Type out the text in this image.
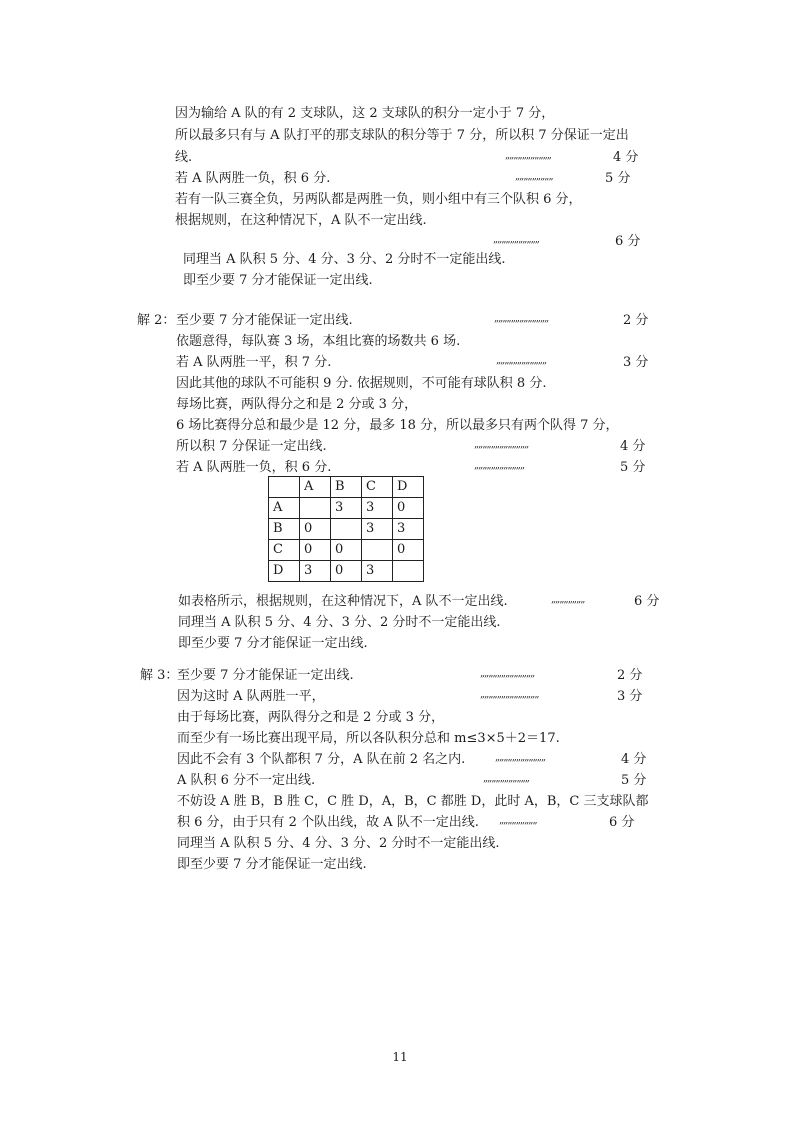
因为输给 A 队的有 2 支球队，这 2 支球队的积分一定小于 7 分，
所以最多只有与 A 队打平的那支球队的积分等于 7 分，所以积 7 分保证一定出
线.	„„„„„„„„„„„	4 分
若 A 队两胜一负，积 6 分.	„„„„„„„„„	5 分
若有一队三赛全负，另两队都是两胜一负，则小组中有三个队积 6 分，
根据规则，在这种情况下，A 队不一定出线.
„„„„„„„„„„„	6 分
同理当 A 队积 5 分、4 分、3 分、2 分时不一定能出线.
即至少要 7 分才能保证一定出线.
解 2： 至少要 7 分才能保证一定出线.	„„„„„„„„„„„„„	2 分
依题意得，每队赛 3 场，本组比赛的场数共 6 场.
若 A 队两胜一平，积 7 分.	„„„„„„„„„„„„	3 分
因此其他的球队不可能积 9 分. 依据规则，不可能有球队积 8 分.
每场比赛，两队得分之和是 2 分或 3 分，
6 场比赛得分总和最少是 12 分，最多 18 分，所以最多只有两个队得 7 分，
所以积 7 分保证一定出线.	„„„„„„„„„„„„„	4 分
若 A 队两胜一负，积 6 分.	„„„„„„„„„„„„	5 分
	A	B	C	D
A		3	3	0
B	0		3	3
C	0	0		0
D	3	0	3	
如表格所示，根据规则，在这种情况下，A 队不一定出线.	„„„„„„„„	6 分
同理当 A 队积 5 分、4 分、3 分、2 分时不一定能出线.
即至少要 7 分才能保证一定出线.
解 3：
至少要 7 分才能保证一定出线.	„„„„„„„„„„„„„	2 分
因为这时 A 队两胜一平，	„„„„„„„„„„„„„„	3 分
由于每场比赛，两队得分之和是 2 分或 3 分，
而至少有一场比赛出现平局，所以各队积分总和 m≤3×5＋2＝17.
因此不会有 3 个队都积 7 分，A 队在前 2 名之内.	„„„„„„„„„„„„	4 分
A 队积 6 分不一定出线.	„„„„„„„„„„„	5 分
不妨设 A 胜 B，B 胜 C，C 胜 D，A，B，C 都胜 D，此时 A，B，C 三支球队都
积 6 分，由于只有 2 个队出线，故 A 队不一定出线. „„„„„„„„„	6 分
同理当 A 队积 5 分、4 分、3 分、2 分时不一定能出线.
即至少要 7 分才能保证一定出线.
11
